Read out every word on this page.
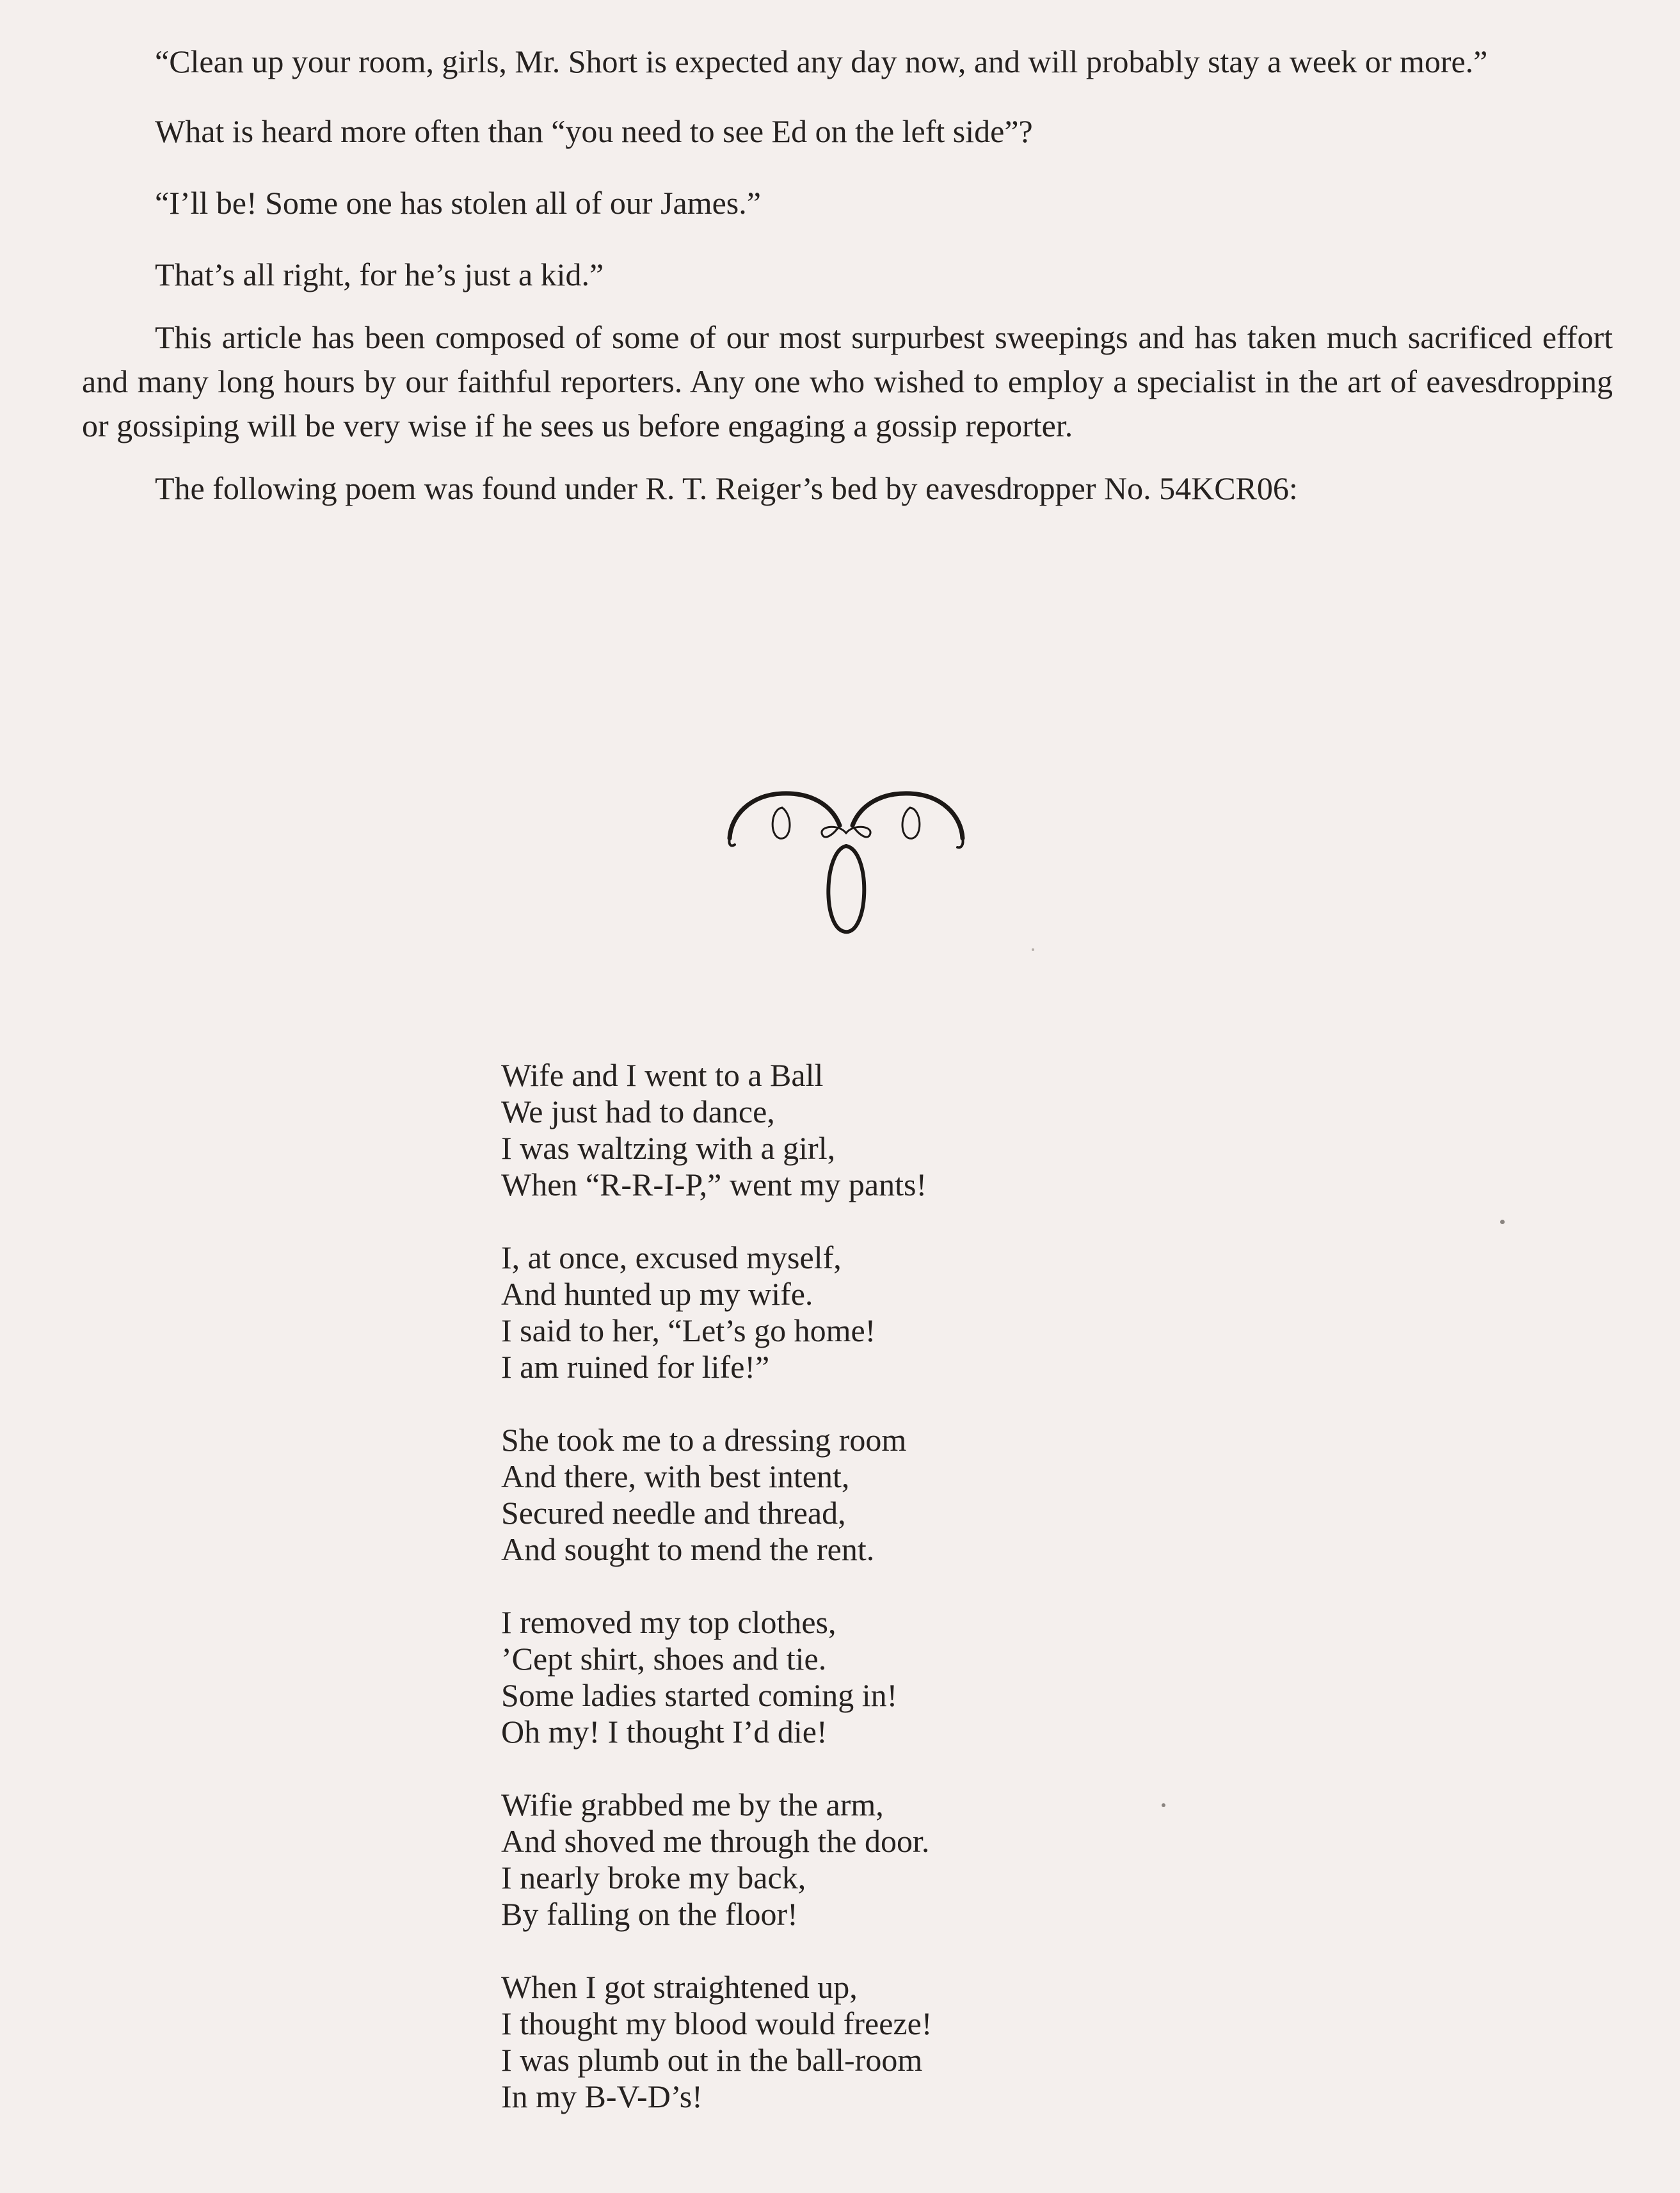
“Clean up your room, girls, Mr. Short is expected any day now, and will probably stay a week or more.”

What is heard more often than “you need to see Ed on the left side”?

“I’ll be! Some one has stolen all of our James.”

That’s all right, for he’s just a kid.”

This article has been composed of some of our most surpurbest sweepings and has taken much sacrificed effort and many long hours by our faithful reporters. Any one who wished to employ a specialist in the art of eavesdropping or gossiping will be very wise if he sees us before engaging a gossip reporter.

The following poem was found under R. T. Reiger’s bed by eavesdropper No. 54KCR06:

Wife and I went to a Ball
We just had to dance,
I was waltzing with a girl,
When “R-R-I-P,” went my pants!
I, at once, excused myself,
And hunted up my wife.
I said to her, “Let’s go home!
I am ruined for life!”
She took me to a dressing room
And there, with best intent,
Secured needle and thread,
And sought to mend the rent.
I removed my top clothes,
’Cept shirt, shoes and tie.
Some ladies started coming in!
Oh my! I thought I’d die!
Wifie grabbed me by the arm,
And shoved me through the door.
I nearly broke my back,
By falling on the floor!
When I got straightened up,
I thought my blood would freeze!
I was plumb out in the ball-room
In my B-V-D’s!
